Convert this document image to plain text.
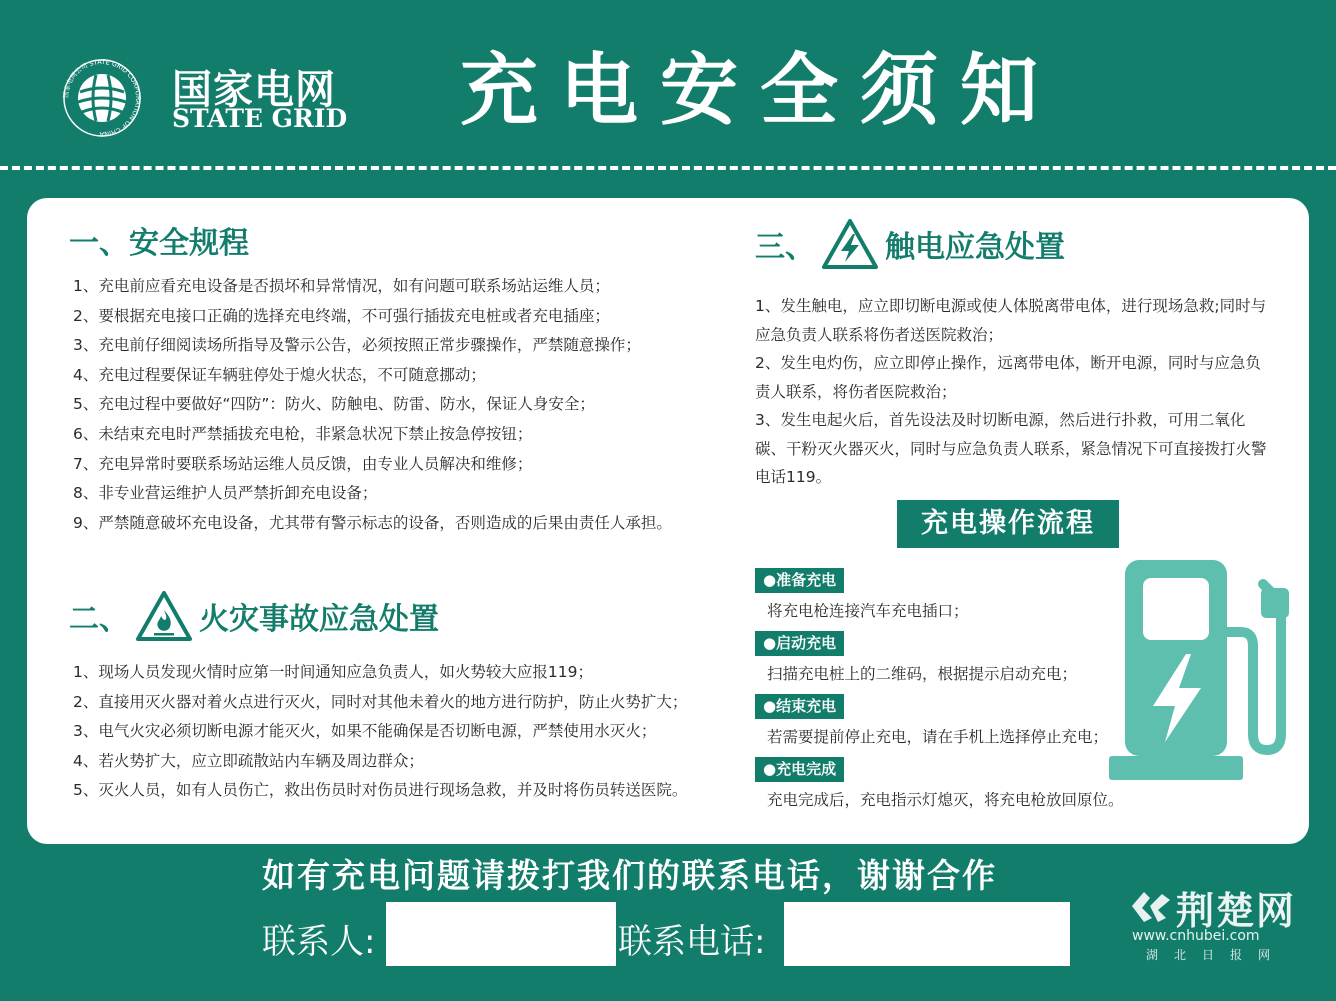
国家电网公司 STATE GRID CORPORATION OF CHINA
国家电网
STATE GRID 充电安全须知
一、安全规程
1、充电前应看充电设备是否损坏和异常情况，如有问题可联系场站运维人员；
2、要根据充电接口正确的选择充电终端，不可强行插拔充电桩或者充电插座；
3、充电前仔细阅读场所指导及警示公告，必须按照正常步骤操作，严禁随意操作；
4、充电过程要保证车辆驻停处于熄火状态，不可随意挪动；
5、充电过程中要做好“四防”：防火、防触电、防雷、防水，保证人身安全；
6、未结束充电时严禁插拔充电枪，非紧急状况下禁止按急停按钮；
7、充电异常时要联系场站运维人员反馈，由专业人员解决和维修；
8、非专业营运维护人员严禁折卸充电设备；
9、严禁随意破坏充电设备，尤其带有警示标志的设备，否则造成的后果由责任人承担。
二、 火灾事故应急处置
1、现场人员发现火情时应第一时间通知应急负责人，如火势较大应报119；
2、直接用灭火器对着火点进行灭火，同时对其他未着火的地方进行防护，防止火势扩大；
3、电气火灾必须切断电源才能灭火，如果不能确保是否切断电源，严禁使用水灭火；
4、若火势扩大，应立即疏散站内车辆及周边群众；
5、灭火人员，如有人员伤亡，救出伤员时对伤员进行现场急救，并及时将伤员转送医院。
三、 触电应急处置
1、发生触电，应立即切断电源或使人体脱离带电体，进行现场急救;同时与
应急负责人联系将伤者送医院救治；
2、发生电灼伤，应立即停止操作，远离带电体，断开电源，同时与应急负
责人联系，将伤者医院救治；
3、发生电起火后，首先设法及时切断电源，然后进行扑救，可用二氧化
碳、干粉灭火器灭火，同时与应急负责人联系，紧急情况下可直接拨打火警
电话119。
充电操作流程
●准备充电
将充电枪连接汽车充电插口；
●启动充电
扫描充电桩上的二维码，根据提示启动充电；
●结束充电
若需要提前停止充电，请在手机上选择停止充电；
●充电完成
充电完成后，充电指示灯熄灭，将充电枪放回原位。
如有充电问题请拨打我们的联系电话，谢谢合作
联系人:	联系电话:
荆楚网
www.cnhubei.com
湖北日报网
